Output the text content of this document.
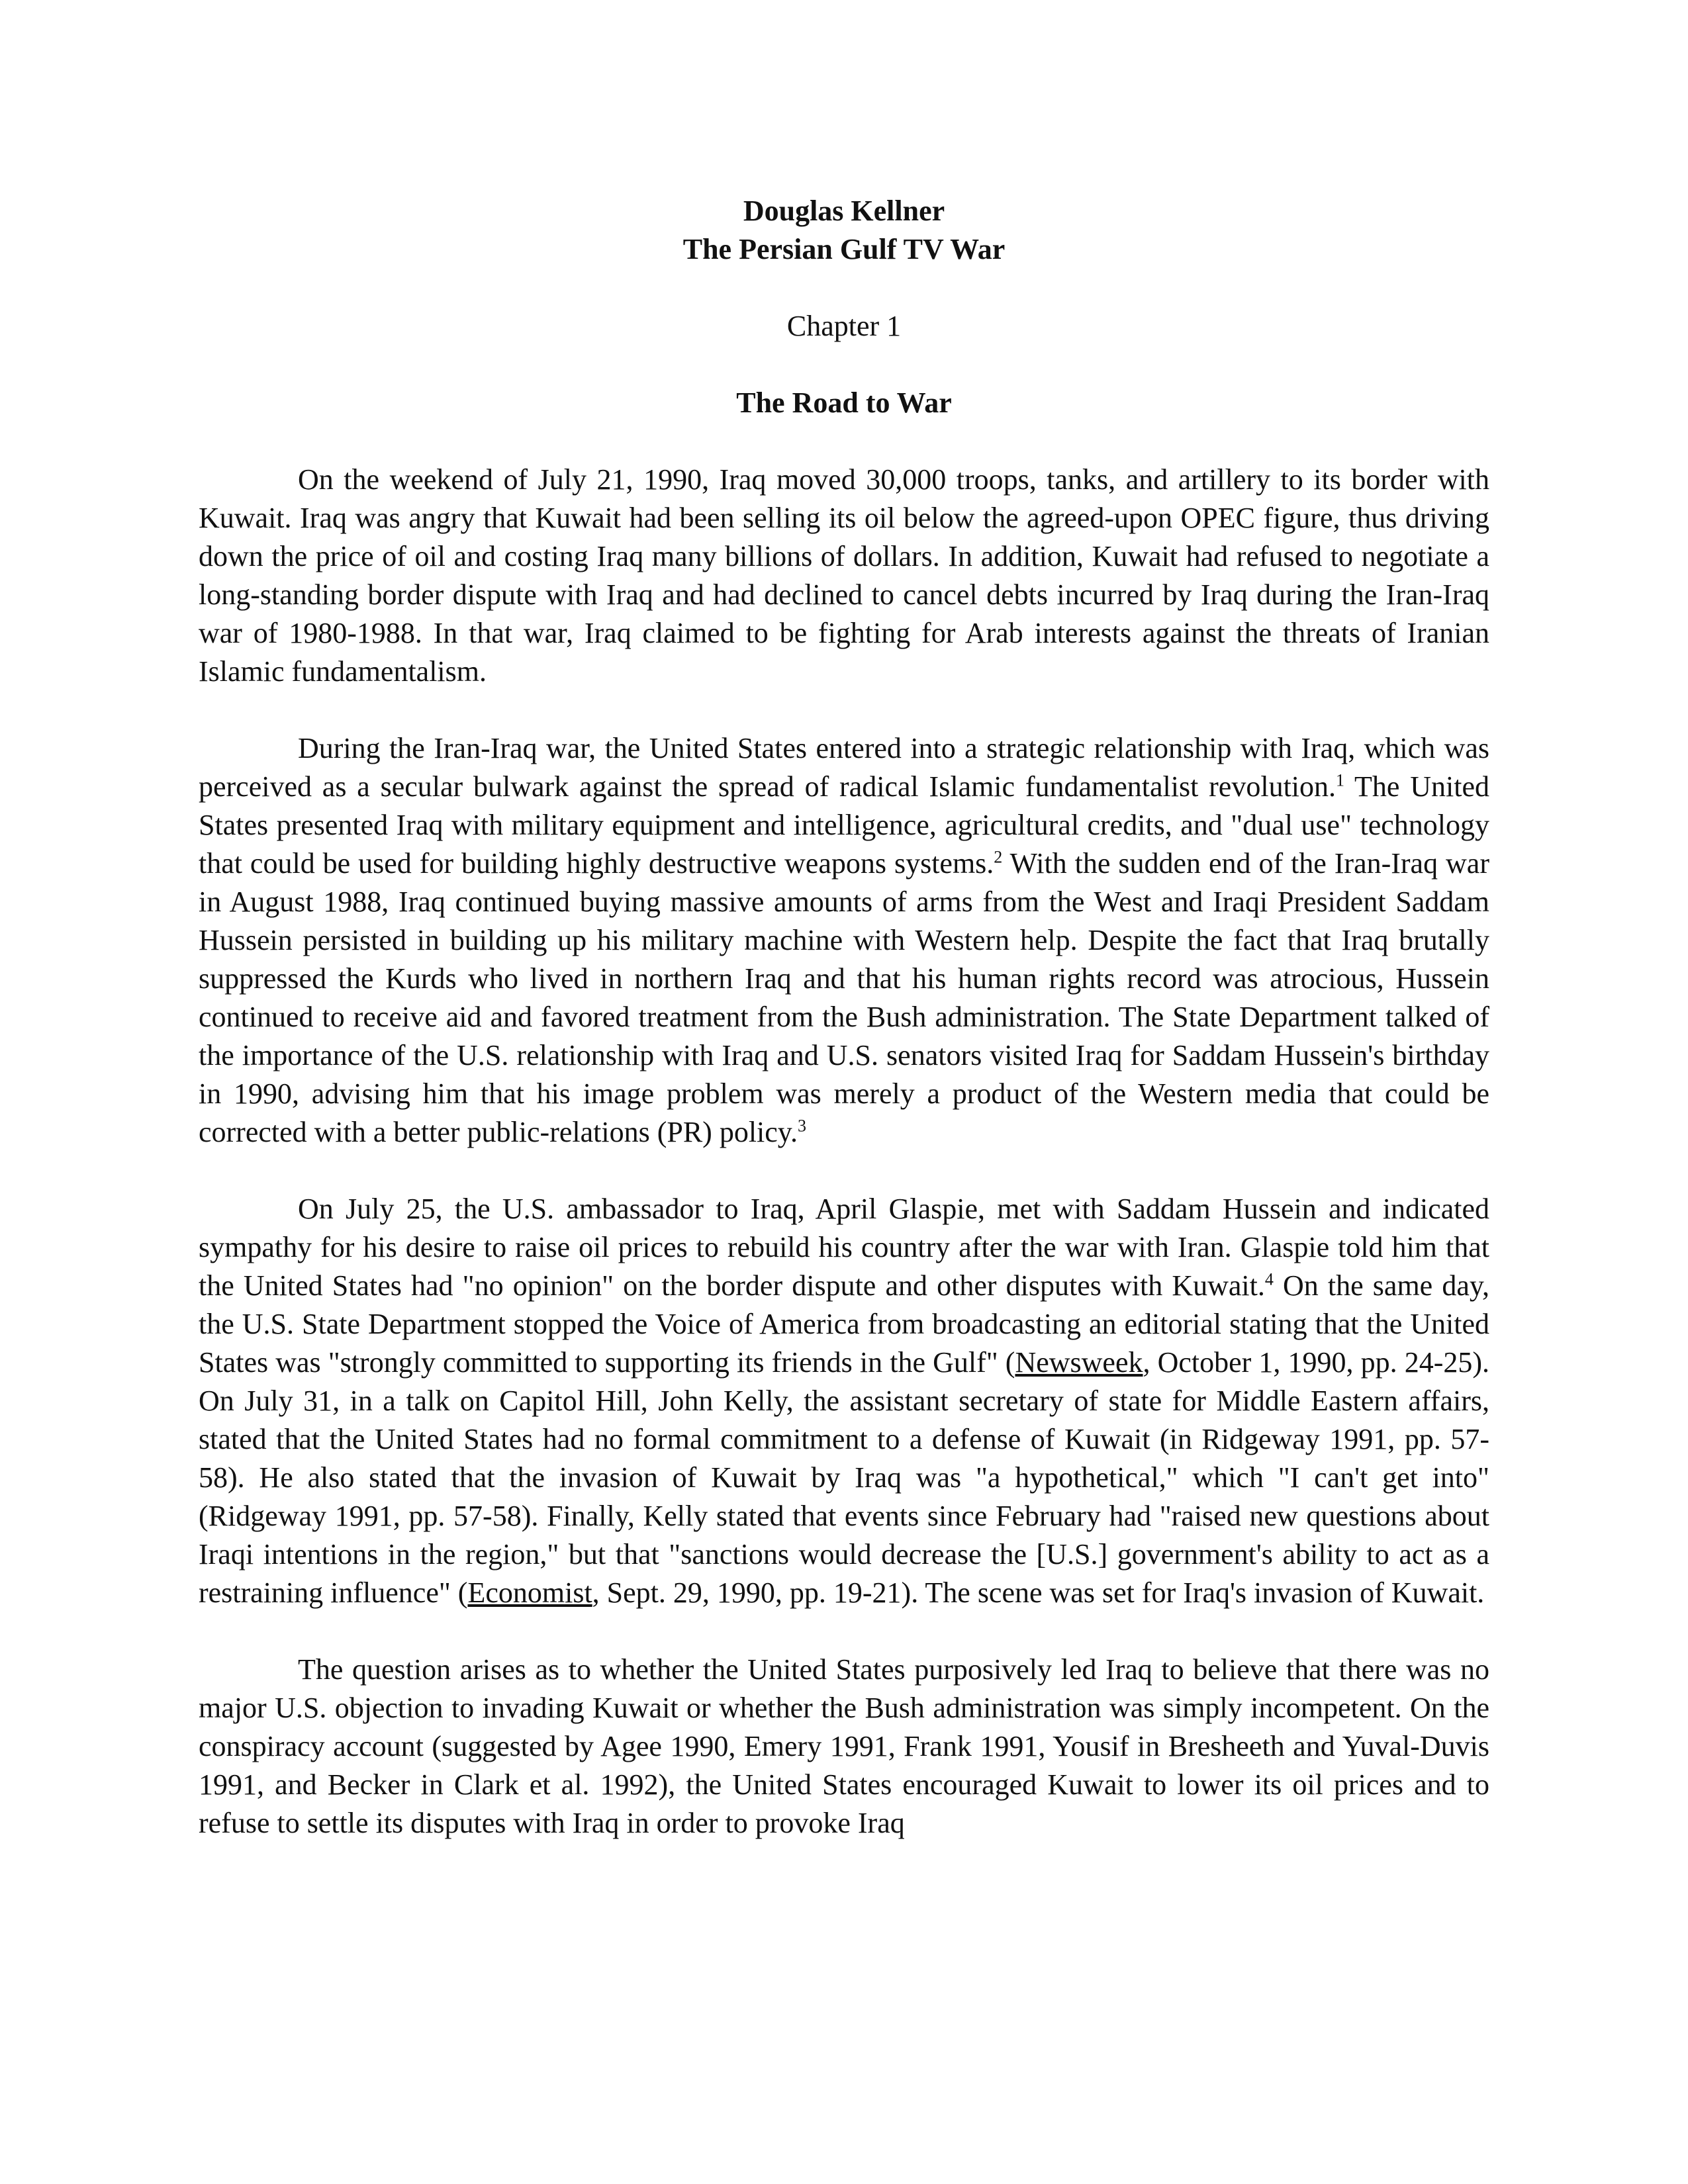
Douglas Kellner
The Persian Gulf TV War
Chapter 1
The Road to War

On the weekend of July 21, 1990, Iraq moved 30,000 troops, tanks, and artillery to its border with Kuwait. Iraq was angry that Kuwait had been selling its oil below the agreed-upon OPEC figure, thus driving down the price of oil and costing Iraq many billions of dollars. In addition, Kuwait had refused to negotiate a long-standing border dispute with Iraq and had declined to cancel debts incurred by Iraq during the Iran-Iraq war of 1980-1988. In that war, Iraq claimed to be fighting for Arab interests against the threats of Iranian Islamic fundamentalism.

During the Iran-Iraq war, the United States entered into a strategic relationship with Iraq, which was perceived as a secular bulwark against the spread of radical Islamic fundamentalist revolution.$^1$ The United States presented Iraq with military equipment and intelligence, agricultural credits, and "dual use" technology that could be used for building highly destructive weapons systems.$^2$ With the sudden end of the Iran-Iraq war in August 1988, Iraq continued buying massive amounts of arms from the West and Iraqi President Saddam Hussein persisted in building up his military machine with Western help. Despite the fact that Iraq brutally suppressed the Kurds who lived in northern Iraq and that his human rights record was atrocious, Hussein continued to receive aid and favored treatment from the Bush administration. The State Department talked of the importance of the U.S. relationship with Iraq and U.S. senators visited Iraq for Saddam Hussein's birthday in 1990, advising him that his image problem was merely a product of the Western media that could be corrected with a better public-relations (PR) policy.$^3$

On July 25, the U.S. ambassador to Iraq, April Glaspie, met with Saddam Hussein and indicated sympathy for his desire to raise oil prices to rebuild his country after the war with Iran. Glaspie told him that the United States had "no opinion" on the border dispute and other disputes with Kuwait.$^4$ On the same day, the U.S. State Department stopped the Voice of America from broadcasting an editorial stating that the United States was "strongly committed to supporting its friends in the Gulf" (Newsweek, October 1, 1990, pp. 24-25). On July 31, in a talk on Capitol Hill, John Kelly, the assistant secretary of state for Middle Eastern affairs, stated that the United States had no formal commitment to a defense of Kuwait (in Ridgeway 1991, pp. 57-58). He also stated that the invasion of Kuwait by Iraq was "a hypothetical," which "I can't get into" (Ridgeway 1991, pp. 57-58). Finally, Kelly stated that events since February had "raised new questions about Iraqi intentions in the region," but that "sanctions would decrease the [U.S.] government's ability to act as a restraining influence" (Economist, Sept. 29, 1990, pp. 19-21). The scene was set for Iraq's invasion of Kuwait.

The question arises as to whether the United States purposively led Iraq to believe that there was no major U.S. objection to invading Kuwait or whether the Bush administration was simply incompetent. On the conspiracy account (suggested by Agee 1990, Emery 1991, Frank 1991, Yousif in Bresheeth and Yuval-Duvis 1991, and Becker in Clark et al. 1992), the United States encouraged Kuwait to lower its oil prices and to refuse to settle its disputes with Iraq in order to provoke Iraq
